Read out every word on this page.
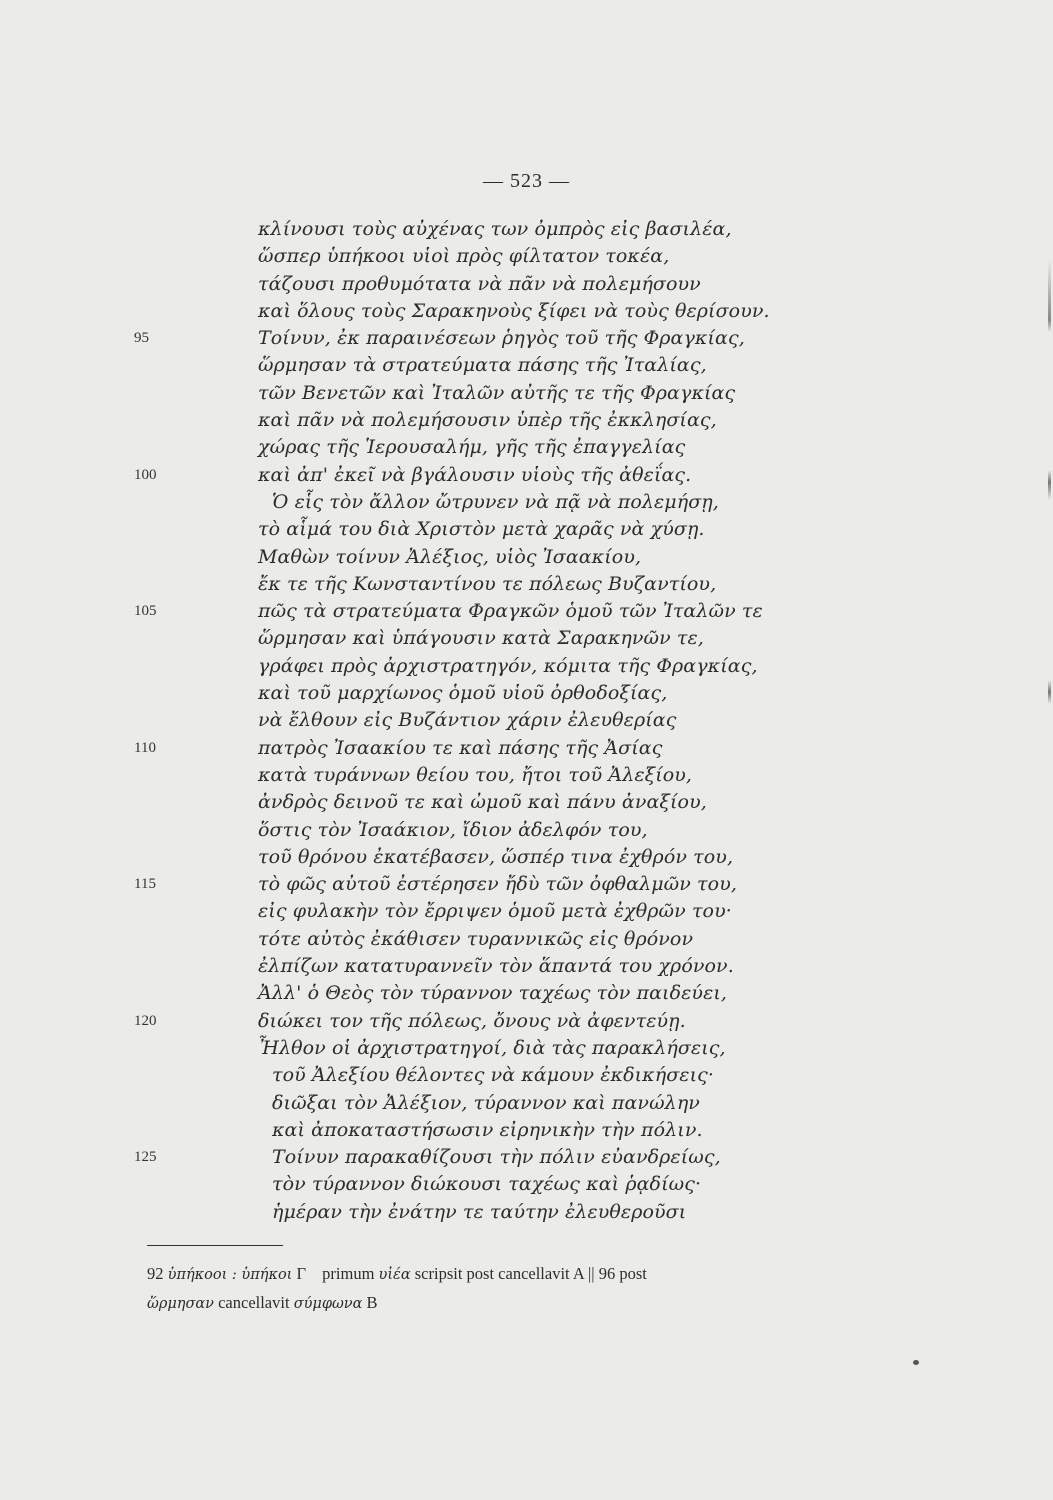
— 523 —
κλίνουσι τοὺς αὐχένας των ὀμπρὸς εἰς βασιλέα,
ὥσπερ ὑπήκοοι υἱοὶ πρὸς φίλτατον τοκέα,
τάζουσι προθυμότατα νὰ πᾶν νὰ πολεμήσουν
καὶ ὅλους τοὺς Σαρακηνοὺς ξίφει νὰ τοὺς θερίσουν.
95	Τοίνυν, ἐκ παραινέσεων ῥηγὸς τοῦ τῆς Φραγκίας,
ὥρμησαν τὰ στρατεύματα πάσης τῆς Ἰταλίας,
τῶν Βενετῶν καὶ Ἰταλῶν αὐτῆς τε τῆς Φραγκίας
καὶ πᾶν νὰ πολεμήσουσιν ὑπὲρ τῆς ἐκκλησίας,
χώρας τῆς Ἱερουσαλήμ, γῆς τῆς ἐπαγγελίας
100	καὶ ἀπ' ἐκεῖ νὰ βγάλουσιν υἱοὺς τῆς ἀθεΐας.
Ὁ εἷς τὸν ἄλλον ὤτρυνεν νὰ πᾷ νὰ πολεμήσῃ,
τὸ αἷμά του διὰ Χριστὸν μετὰ χαρᾶς νὰ χύσῃ.
Μαθὼν τοίνυν Ἀλέξιος, υἱὸς Ἰσαακίου,
ἔκ τε τῆς Κωνσταντίνου τε πόλεως Βυζαντίου,
105	πῶς τὰ στρατεύματα Φραγκῶν ὁμοῦ τῶν Ἰταλῶν τε
ὥρμησαν καὶ ὑπάγουσιν κατὰ Σαρακηνῶν τε,
γράφει πρὸς ἀρχιστρατηγόν, κόμιτα τῆς Φραγκίας,
καὶ τοῦ μαρχίωνος ὁμοῦ υἱοῦ ὀρθοδοξίας,
νὰ ἔλθουν εἰς Βυζάντιον χάριν ἐλευθερίας
110	πατρὸς Ἰσαακίου τε καὶ πάσης τῆς Ἀσίας
κατὰ τυράννων θείου του, ἤτοι τοῦ Ἀλεξίου,
ἀνδρὸς δεινοῦ τε καὶ ὠμοῦ καὶ πάνυ ἀναξίου,
ὅστις τὸν Ἰσαάκιον, ἴδιον ἀδελφόν του,
τοῦ θρόνου ἐκατέβασεν, ὥσπέρ τινα ἐχθρόν του,
115	τὸ φῶς αὐτοῦ ἐστέρησεν ἤδὺ τῶν ὀφθαλμῶν του,
εἰς φυλακὴν τὸν ἔρριψεν ὁμοῦ μετὰ ἐχθρῶν του·
τότε αὐτὸς ἐκάθισεν τυραννικῶς εἰς θρόνον
ἐλπίζων κατατυραννεῖν τὸν ἅπαντά του χρόνον.
Ἀλλ' ὁ Θεὸς τὸν τύραννον ταχέως τὸν παιδεύει,
120	διώκει τον τῆς πόλεως, ὄνους νὰ ἀφεντεύῃ.
Ἦλθον οἱ ἀρχιστρατηγοί, διὰ τὰς παρακλήσεις,
τοῦ Ἀλεξίου θέλοντες νὰ κάμουν ἐκδικήσεις·
διῶξαι τὸν Ἀλέξιον, τύραννον καὶ πανώλην
καὶ ἀποκαταστήσωσιν εἰρηνικὴν τὴν πόλιν.
125	Τοίνυν παρακαθίζουσι τὴν πόλιν εὐανδρείως,
τὸν τύραννον διώκουσι ταχέως καὶ ῥᾳδίως·
ἡμέραν τὴν ἐνάτην τε ταύτην ἐλευθεροῦσι
92 ὑπήκοοι : ὑπήκοι Γ primum υἱέα scripsit post cancellavit A || 96 post
ὥρμησαν cancellavit σύμφωνα B
